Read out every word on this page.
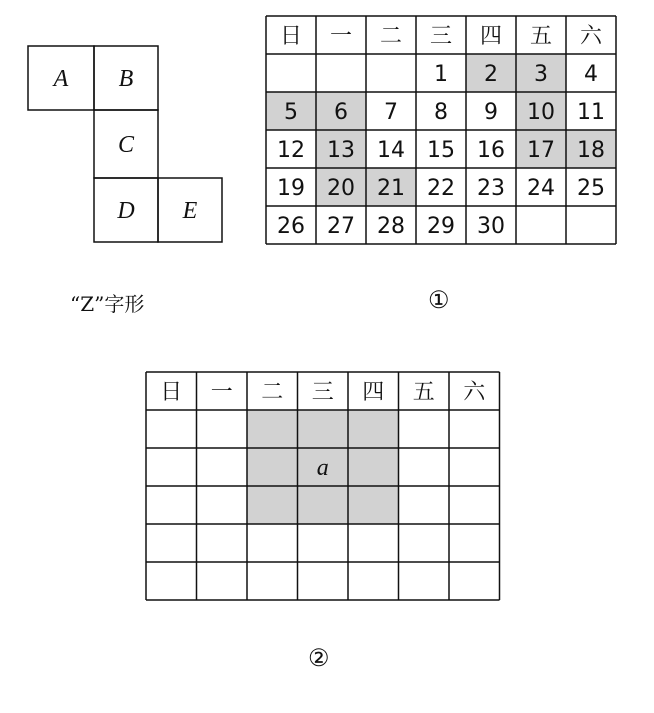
A B
C
D E
日 一 二 三 四 五 六
1 2 3 4
5 6 7 8 9 10 11
12 13 14 15 16 17 18
19 20 21 22 23 24 25
26 27 28 29 30
日 一 二 三 四 五 六
a
“Z”字形	①
②
